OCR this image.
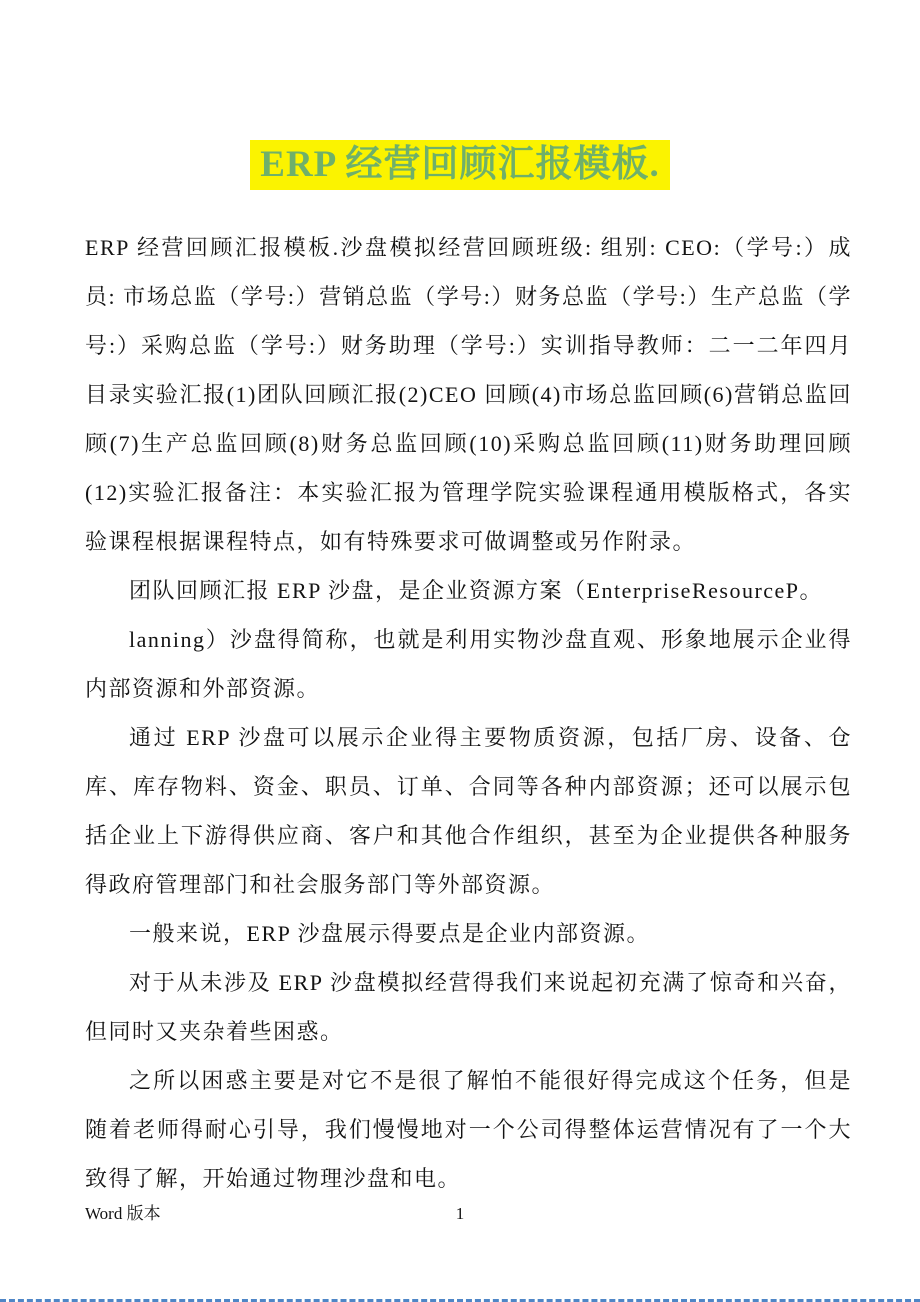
ERP 经营回顾汇报模板.

ERP 经营回顾汇报模板.沙盘模拟经营回顾班级: 组别: CEO:（学号:）成员: 市场总监（学号:）营销总监（学号:）财务总监（学号:）生产总监（学号:）采购总监（学号:）财务助理（学号:）实训指导教师：二一二年四月目录实验汇报(1)团队回顾汇报(2)CEO 回顾(4)市场总监回顾(6)营销总监回顾(7)生产总监回顾(8)财务总监回顾(10)采购总监回顾(11)财务助理回顾(12)实验汇报备注：本实验汇报为管理学院实验课程通用模版格式，各实验课程根据课程特点，如有特殊要求可做调整或另作附录。

团队回顾汇报 ERP 沙盘，是企业资源方案（EnterpriseResourceP。

lanning）沙盘得简称，也就是利用实物沙盘直观、形象地展示企业得内部资源和外部资源。

通过 ERP 沙盘可以展示企业得主要物质资源，包括厂房、设备、仓库、库存物料、资金、职员、订单、合同等各种内部资源；还可以展示包括企业上下游得供应商、客户和其他合作组织，甚至为企业提供各种服务得政府管理部门和社会服务部门等外部资源。

一般来说，ERP 沙盘展示得要点是企业内部资源。

对于从未涉及 ERP 沙盘模拟经营得我们来说起初充满了惊奇和兴奋，但同时又夹杂着些困惑。

之所以困惑主要是对它不是很了解怕不能很好得完成这个任务，但是随着老师得耐心引导，我们慢慢地对一个公司得整体运营情况有了一个大致得了解，开始通过物理沙盘和电。

1
Word 版本
